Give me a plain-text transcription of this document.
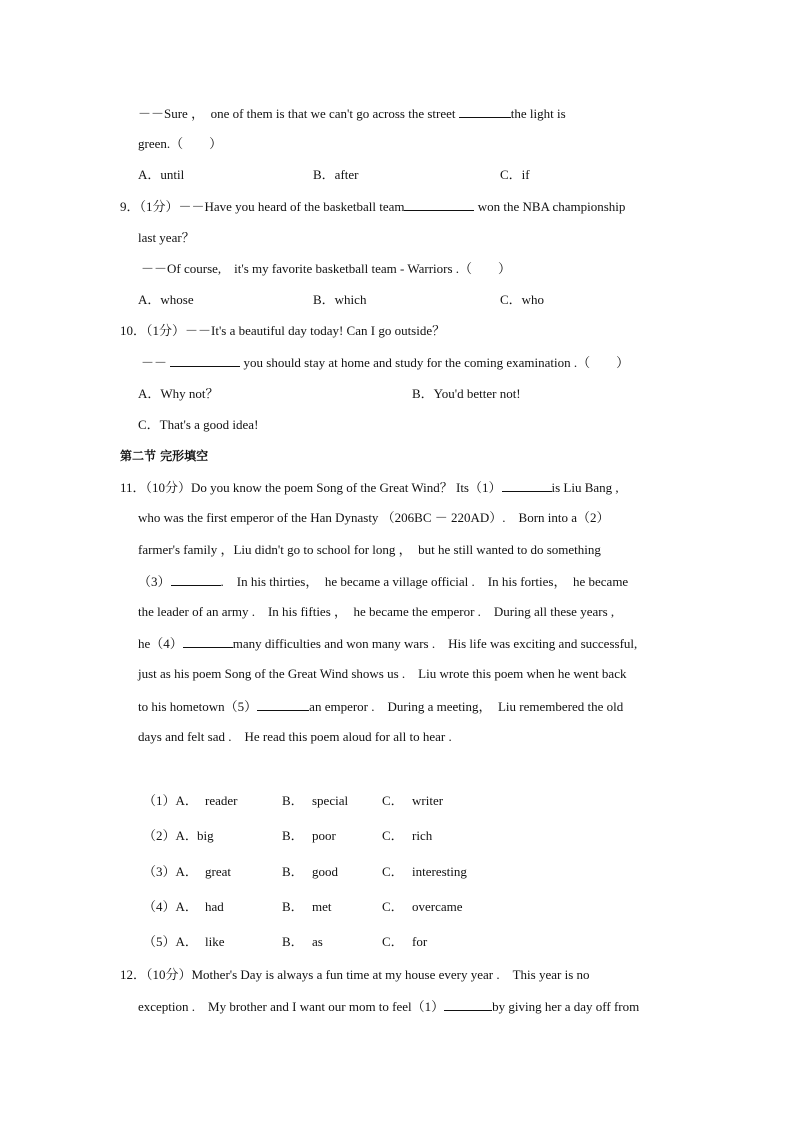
－－Sure ，　one of them is that we can't go across the street	the light is
green.（　　）
A．until	B．after	C．if
9．（1分）－－Have you heard of the basketball team	won the NBA championship
last year？
－－Of course,　it's my favorite basketball team - Warriors .（　　）
A．whose	B．which	C．who
10．（1分）－－It's a beautiful day today! Can I go outside？
－－	you should stay at home and study for the coming examination .（　　）
A．Why not？	B．You'd better not!
C．That's a good idea!
第二节 完形填空
11．（10分）Do you know the poem Song of the Great Wind？ Its（1）	is Liu Bang ,
who was the first emperor of the Han Dynasty （206BC － 220AD）.　Born into a（2）
farmer's family ，Liu didn't go to school for long ，　but he still wanted to do something
（3）	.　In his thirties，　he became a village official .　In his forties，　he became
the leader of an army .　In his fifties ，　he became the emperor .　During all these years ,
he（4）	many difficulties and won many wars .　His life was exciting and successful,
just as his poem Song of the Great Wind shows us .　Liu wrote this poem when he went back
to his hometown（5）	an emperor .　During a meeting，　Liu remembered the old
days and felt sad .　He read this poem aloud for all to hear .
（1）A． reader	B． special	C． writer
（2）A． big	B． poor	C． rich
（3）A． great	B． good	C． interesting
（4）A． had	B． met	C． overcame
（5）A． like	B． as	C． for
12．（10分）Mother's Day is always a fun time at my house every year .　This year is no
exception .　My brother and I want our mom to feel（1）	by giving her a day off from
